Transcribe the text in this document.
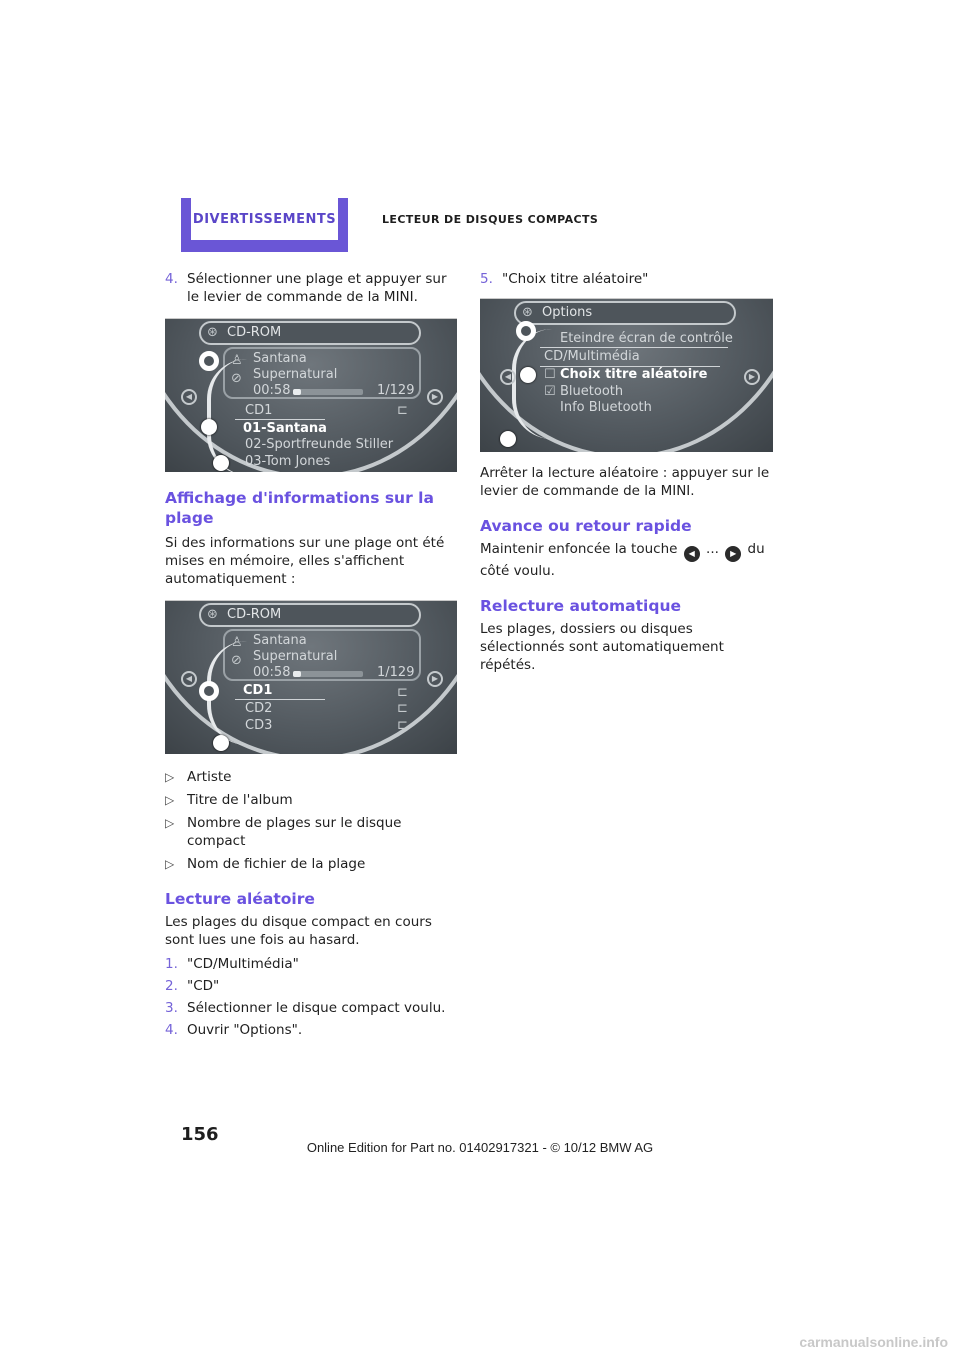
DIVERTISSEMENTS	LECTEUR DE DISQUES COMPACTS
4. Sélectionner une plage et appuyer sur le levier de commande de la MINI.
⊛ CD-ROM
♙
⊘
Santana
Supernatural
00:58	1/129
CD1	⊏
01-Santana
02-Sportfreunde Stiller
03-Tom Jones
◀	▶
Affichage d'informations sur la plage
Si des informations sur une plage ont été mises en mémoire, elles s'affichent automatiquement :
⊛ CD-ROM
♙
⊘
Santana
Supernatural
00:58	1/129
CD1	⊏
CD2	⊏
CD3	⊏
◀	▶
▷ Artiste
▷ Titre de l'album
▷ Nombre de plages sur le disque compact
▷ Nom de fichier de la plage
Lecture aléatoire
Les plages du disque compact en cours sont lues une fois au hasard.
1. "CD/Multimédia"
2. "CD"
3. Sélectionner le disque compact voulu.
4. Ouvrir "Options".
5. "Choix titre aléatoire"
⊛ Options
Eteindre écran de contrôle
CD/Multimédia
☐ Choix titre aléatoire
☑ Bluetooth
Info Bluetooth
◀	▶
Arrêter la lecture aléatoire : appuyer sur le levier de commande de la MINI.
Avance ou retour rapide
Maintenir enfoncée la touche ◀ ... ▶ du côté voulu.
Relecture automatique
Les plages, dossiers ou disques sélectionnés sont automatiquement répétés.
156
Online Edition for Part no. 01402917321 - © 10/12 BMW AG
carmanualsonline.info
